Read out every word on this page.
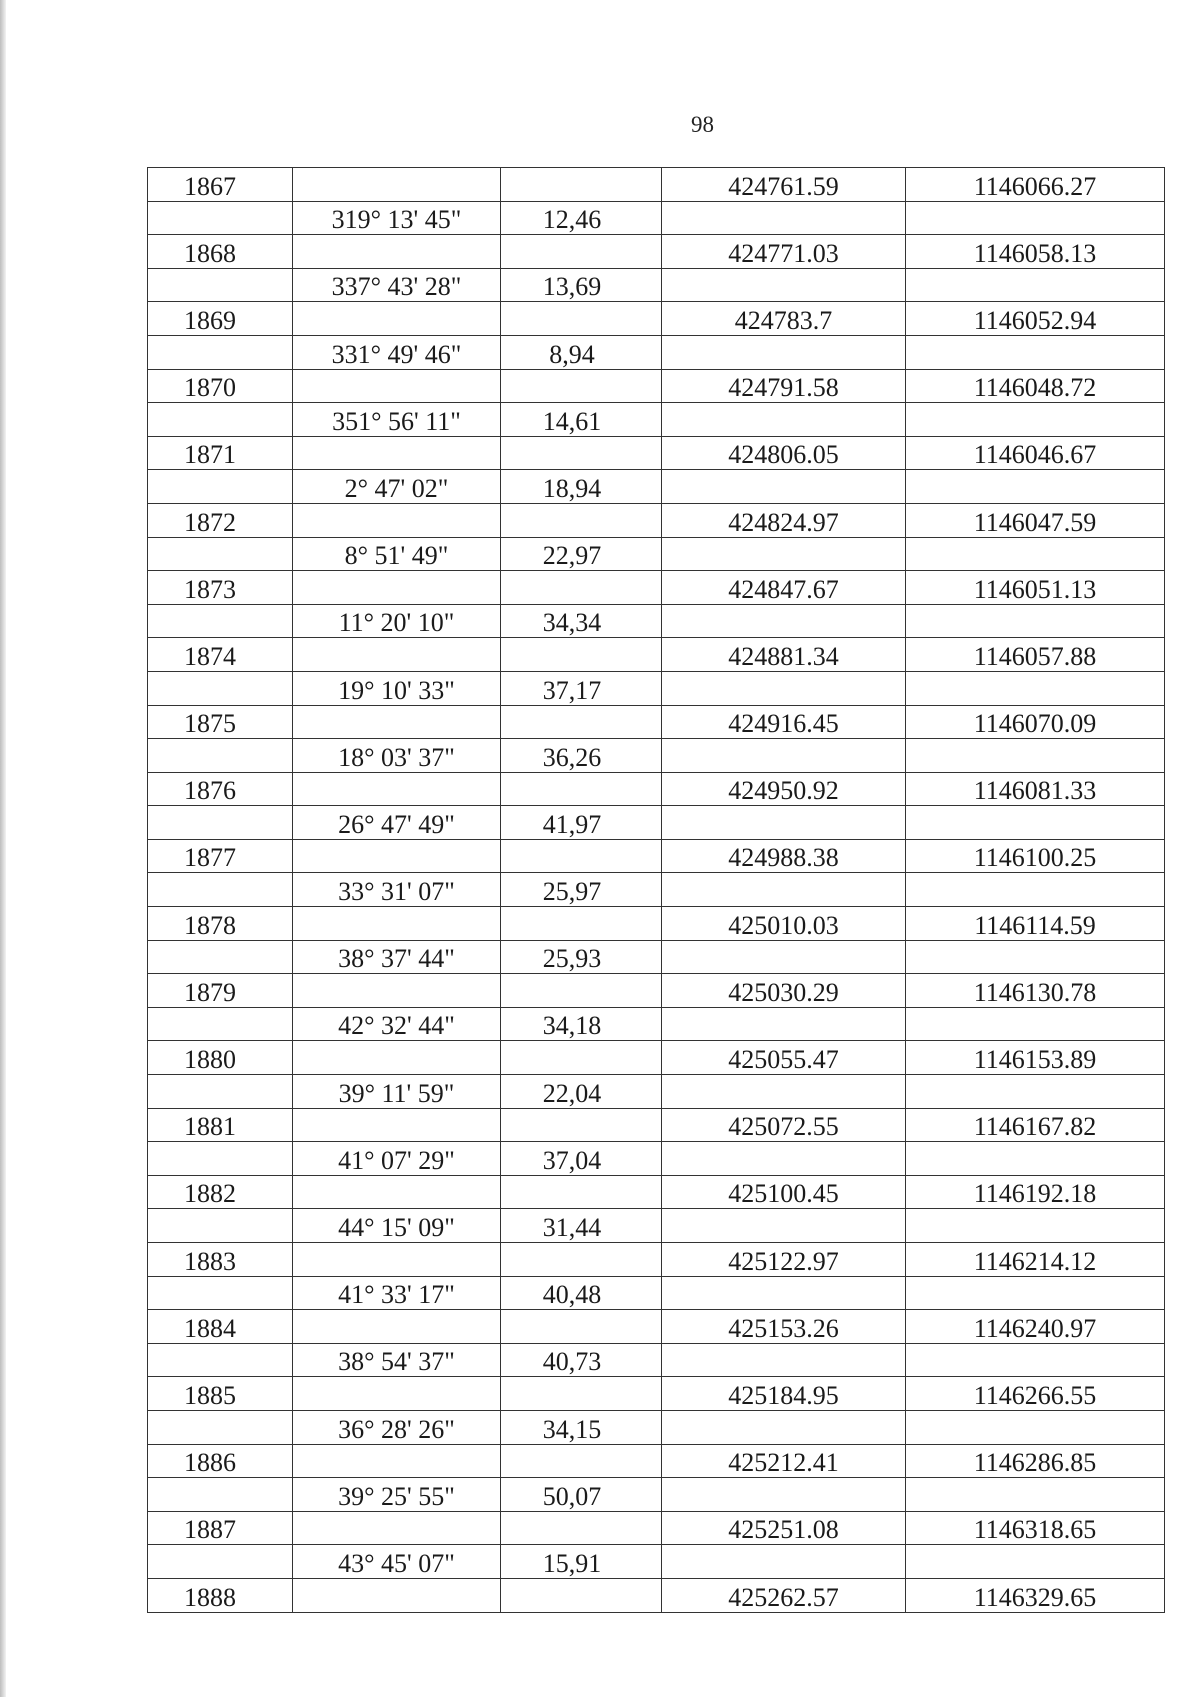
98
1867			424761.59	1146066.27
	319° 13' 45"	12,46		
1868			424771.03	1146058.13
	337° 43' 28"	13,69		
1869			424783.7	1146052.94
	331° 49' 46"	8,94		
1870			424791.58	1146048.72
	351° 56' 11"	14,61		
1871			424806.05	1146046.67
	2° 47' 02"	18,94		
1872			424824.97	1146047.59
	8° 51' 49"	22,97		
1873			424847.67	1146051.13
	11° 20' 10"	34,34		
1874			424881.34	1146057.88
	19° 10' 33"	37,17		
1875			424916.45	1146070.09
	18° 03' 37"	36,26		
1876			424950.92	1146081.33
	26° 47' 49"	41,97		
1877			424988.38	1146100.25
	33° 31' 07"	25,97		
1878			425010.03	1146114.59
	38° 37' 44"	25,93		
1879			425030.29	1146130.78
	42° 32' 44"	34,18		
1880			425055.47	1146153.89
	39° 11' 59"	22,04		
1881			425072.55	1146167.82
	41° 07' 29"	37,04		
1882			425100.45	1146192.18
	44° 15' 09"	31,44		
1883			425122.97	1146214.12
	41° 33' 17"	40,48		
1884			425153.26	1146240.97
	38° 54' 37"	40,73		
1885			425184.95	1146266.55
	36° 28' 26"	34,15		
1886			425212.41	1146286.85
	39° 25' 55"	50,07		
1887			425251.08	1146318.65
	43° 45' 07"	15,91		
1888			425262.57	1146329.65
